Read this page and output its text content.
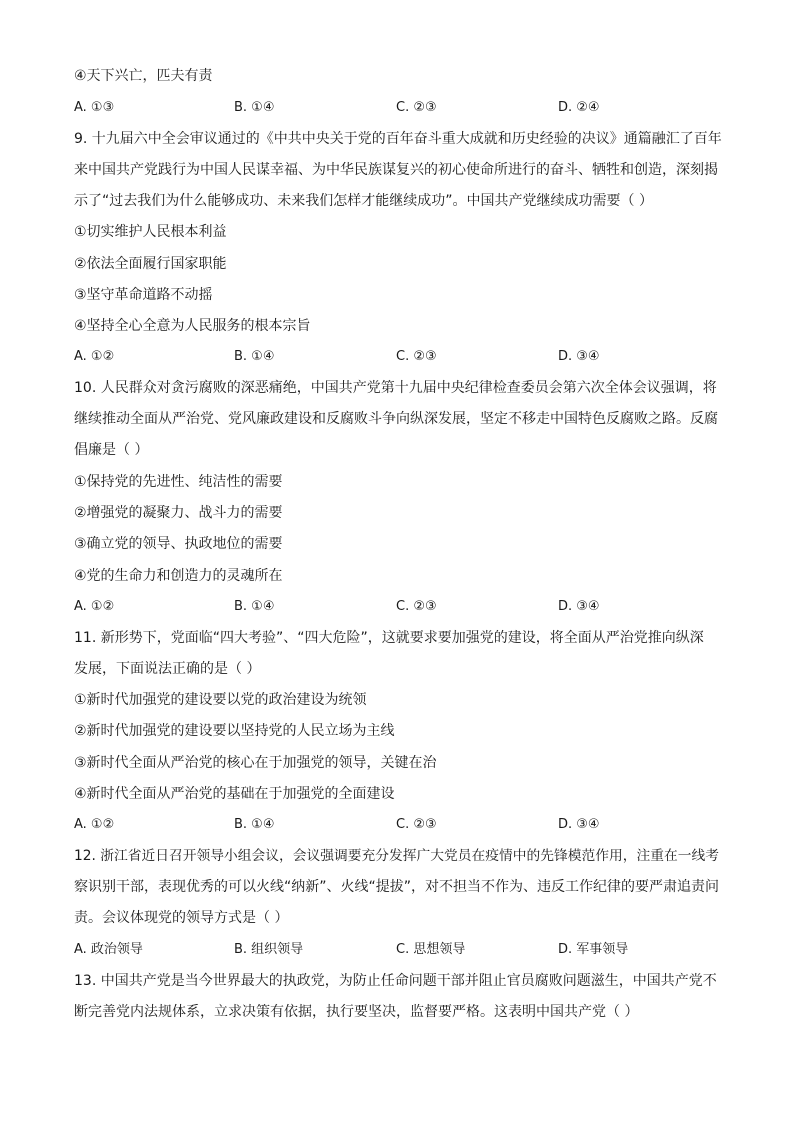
④天下兴亡，匹夫有责
A. ①③	B. ①④	C. ②③	D. ②④
9. 十九届六中全会审议通过的《中共中央关于党的百年奋斗重大成就和历史经验的决议》通篇融汇了百年
来中国共产党践行为中国人民谋幸福、为中华民族谋复兴的初心使命所进行的奋斗、牺牲和创造，深刻揭
示了“过去我们为什么能够成功、未来我们怎样才能继续成功”。中国共产党继续成功需要（ ）
①切实维护人民根本利益
②依法全面履行国家职能
③坚守革命道路不动摇
④坚持全心全意为人民服务的根本宗旨
A. ①②	B. ①④	C. ②③	D. ③④
10. 人民群众对贪污腐败的深恶痛绝，中国共产党第十九届中央纪律检查委员会第六次全体会议强调，将
继续推动全面从严治党、党风廉政建设和反腐败斗争向纵深发展，坚定不移走中国特色反腐败之路。反腐
倡廉是（ ）
①保持党的先进性、纯洁性的需要
②增强党的凝聚力、战斗力的需要
③确立党的领导、执政地位的需要
④党的生命力和创造力的灵魂所在
A. ①②	B. ①④	C. ②③	D. ③④
11. 新形势下，党面临“四大考验”、“四大危险”，这就要求要加强党的建设，将全面从严治党推向纵深
发展，下面说法正确的是（ ）
①新时代加强党的建设要以党的政治建设为统领
②新时代加强党的建设要以坚持党的人民立场为主线
③新时代全面从严治党的核心在于加强党的领导，关键在治
④新时代全面从严治党的基础在于加强党的全面建设
A. ①②	B. ①④	C. ②③	D. ③④
12. 浙江省近日召开领导小组会议，会议强调要充分发挥广大党员在疫情中的先锋模范作用，注重在一线考
察识别干部，表现优秀的可以火线“纳新”、火线“提拔”，对不担当不作为、违反工作纪律的要严肃追责问
责。会议体现党的领导方式是（ ）
A. 政治领导	B. 组织领导	C. 思想领导	D. 军事领导
13. 中国共产党是当今世界最大的执政党，为防止任命问题干部并阻止官员腐败问题滋生，中国共产党不
断完善党内法规体系，立求决策有依据，执行要坚决，监督要严格。这表明中国共产党（ ）
